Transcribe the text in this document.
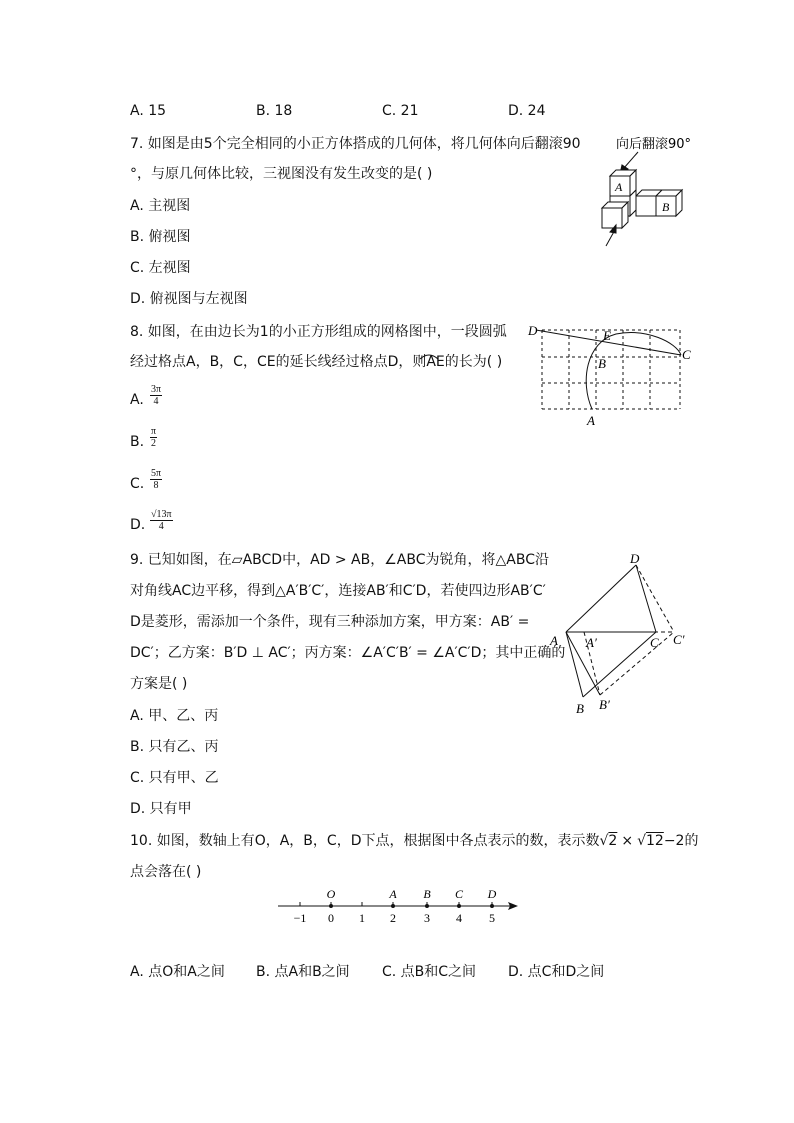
A. 15	B. 18	C. 21	D. 24
7. 如图是由5个完全相同的小正方体搭成的几何体，将几何体向后翻滚90
°，与原几何体比较，三视图没有发生改变的是( )
A. 主视图
B. 俯视图
C. 左视图
D. 俯视图与左视图
向后翻滚90°
A
B
8. 如图，在由边长为1的小正方形组成的网格图中，一段圆弧
经过格点A，B，C，CE的延长线经过格点D，则AE的长为( )
A. $\frac{3\pi}{4}$
B. $\frac{\pi}{2}$
C. $\frac{5\pi}{8}$
D. $\frac{√13\pi}{4}$
D	E
C
B
A
9. 已知如图，在▱ABCD中，AD > AB，∠ABC为锐角，将△ABC沿
对角线AC边平移，得到△A′B′C′，连接AB′和C′D，若使四边形AB′C′
D是菱形，需添加一个条件，现有三种添加方案，甲方案：AB′ =
DC′；乙方案：B′D ⊥ AC′；丙方案：∠A′C′B′ = ∠A′C′D；其中正确的
方案是( )
A. 甲、乙、丙
B. 只有乙、丙
C. 只有甲、乙
D. 只有甲
D
A A′	C C′
B B′
10. 如图，数轴上有O，A，B，C，D下点，根据图中各点表示的数，表示数√2 × √12−2的
点会落在( )
−1 0 1 2 3 4 5
O	A B C D
A. 点O和A之间 B. 点A和B之间 C. 点B和C之间 D. 点C和D之间
